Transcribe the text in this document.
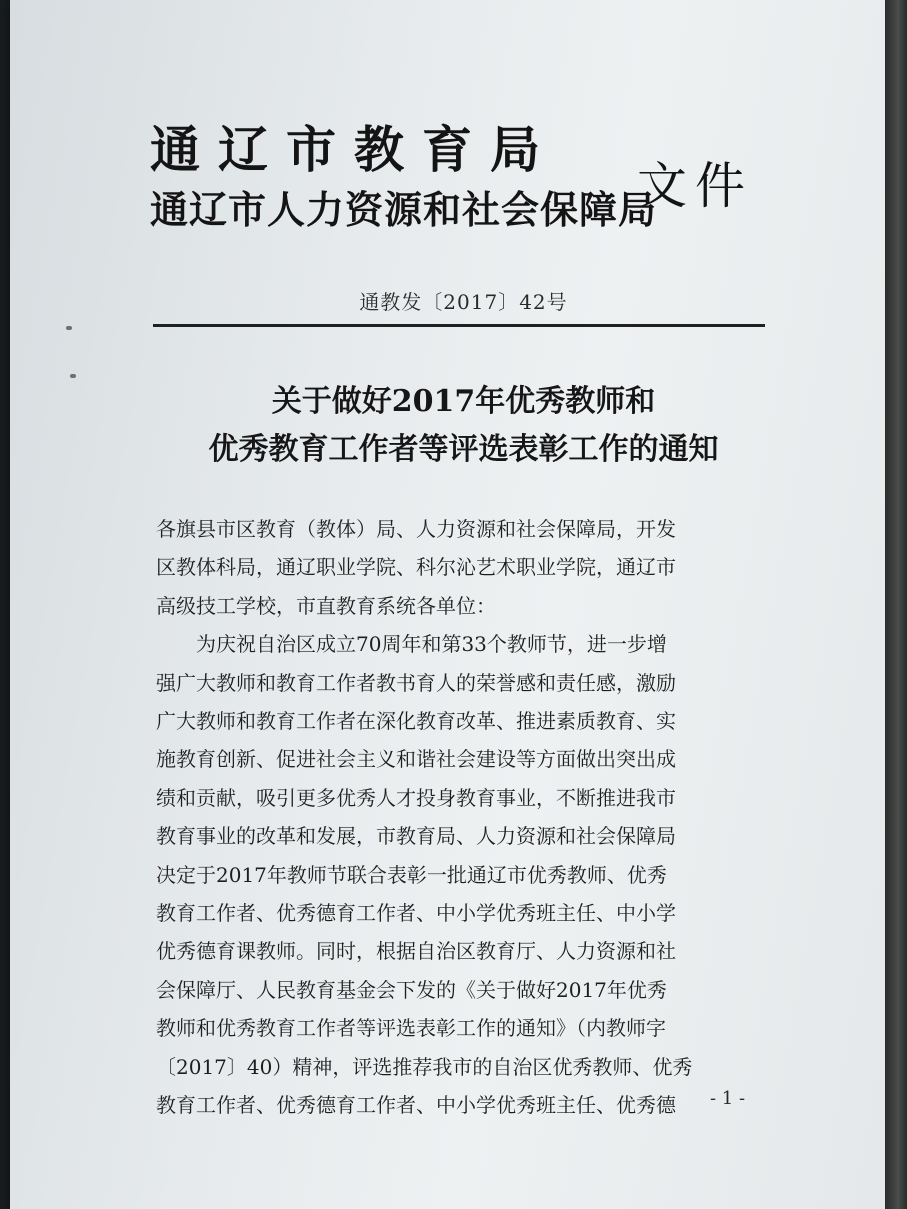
通辽市教育局
通辽市人力资源和社会保障局
文件
通教发〔2017〕42号
关于做好2017年优秀教师和
优秀教育工作者等评选表彰工作的通知
各旗县市区教育（教体）局、人力资源和社会保障局，开发
区教体科局，通辽职业学院、科尔沁艺术职业学院，通辽市
高级技工学校，市直教育系统各单位：
　　为庆祝自治区成立70周年和第33个教师节，进一步增
强广大教师和教育工作者教书育人的荣誉感和责任感，激励
广大教师和教育工作者在深化教育改革、推进素质教育、实
施教育创新、促进社会主义和谐社会建设等方面做出突出成
绩和贡献，吸引更多优秀人才投身教育事业，不断推进我市
教育事业的改革和发展，市教育局、人力资源和社会保障局
决定于2017年教师节联合表彰一批通辽市优秀教师、优秀
教育工作者、优秀德育工作者、中小学优秀班主任、中小学
优秀德育课教师。同时，根据自治区教育厅、人力资源和社
会保障厅、人民教育基金会下发的《关于做好2017年优秀
教师和优秀教育工作者等评选表彰工作的通知》（内教师字
〔2017〕40）精神，评选推荐我市的自治区优秀教师、优秀
教育工作者、优秀德育工作者、中小学优秀班主任、优秀德	- 1 -
